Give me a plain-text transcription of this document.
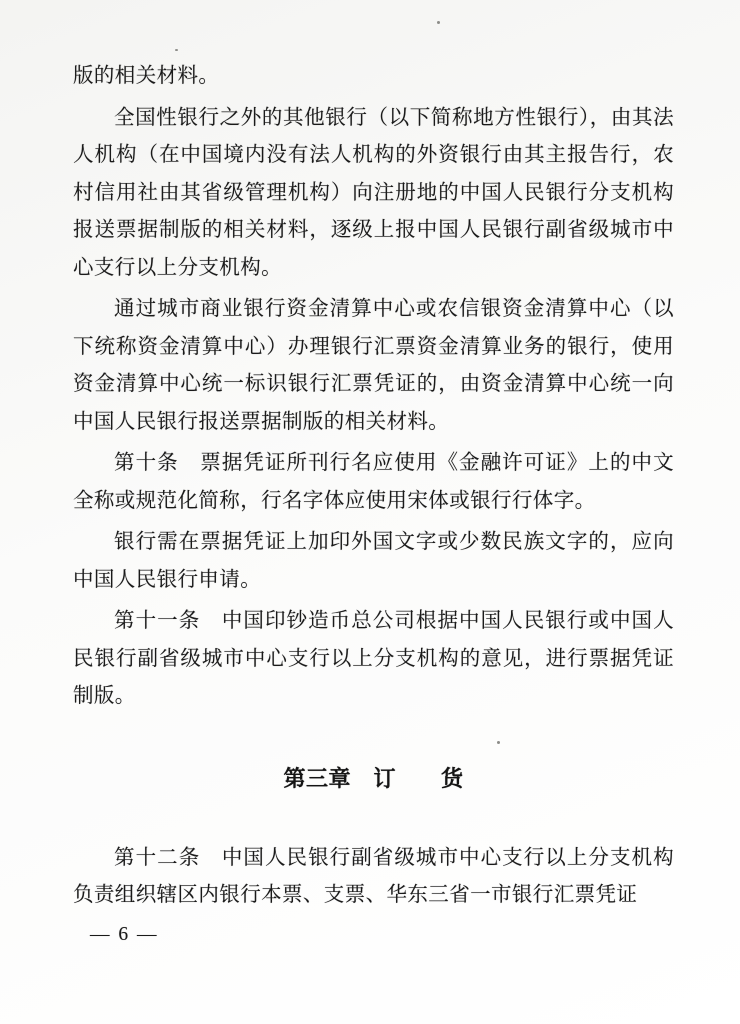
版的相关材料。

全国性银行之外的其他银行（以下简称地方性银行），由其法人机构（在中国境内没有法人机构的外资银行由其主报告行，农村信用社由其省级管理机构）向注册地的中国人民银行分支机构报送票据制版的相关材料，逐级上报中国人民银行副省级城市中心支行以上分支机构。

通过城市商业银行资金清算中心或农信银资金清算中心（以下统称资金清算中心）办理银行汇票资金清算业务的银行，使用资金清算中心统一标识银行汇票凭证的，由资金清算中心统一向中国人民银行报送票据制版的相关材料。

第十条　票据凭证所刊行名应使用《金融许可证》上的中文全称或规范化简称，行名字体应使用宋体或银行行体字。

银行需在票据凭证上加印外国文字或少数民族文字的，应向中国人民银行申请。

第十一条　中国印钞造币总公司根据中国人民银行或中国人民银行副省级城市中心支行以上分支机构的意见，进行票据凭证制版。

第三章　订　　货

第十二条　中国人民银行副省级城市中心支行以上分支机构负责组织辖区内银行本票、支票、华东三省一市银行汇票凭证

— 6 —
